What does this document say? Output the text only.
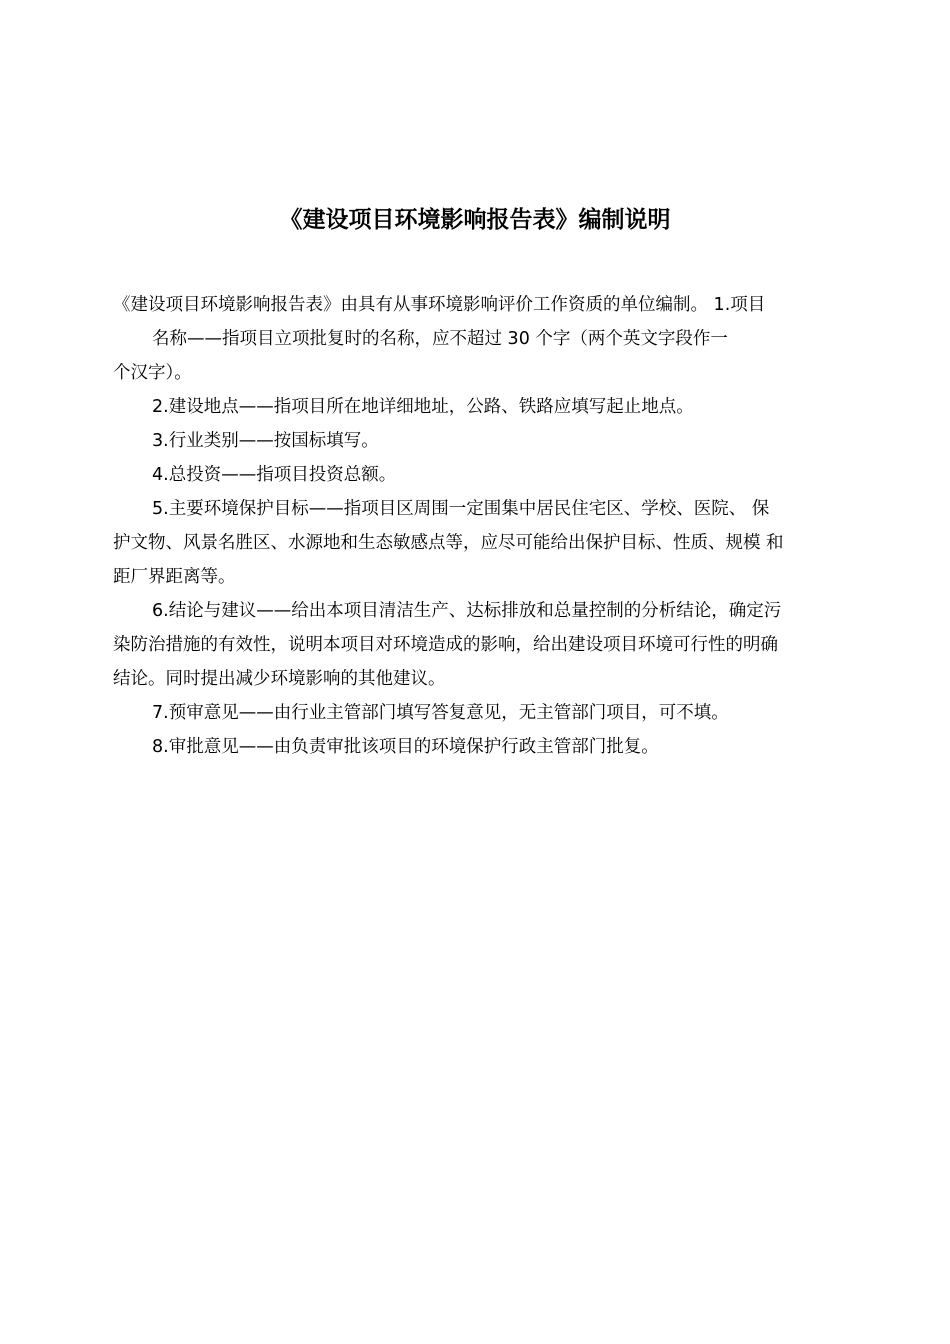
《建设项目环境影响报告表》编制说明
《建设项目环境影响报告表》由具有从事环境影响评价工作资质的单位编制。 1.项目
名称——指项目立项批复时的名称，应不超过 30 个字（两个英文字段作一
个汉字）。
2.建设地点——指项目所在地详细地址，公路、铁路应填写起止地点。
3.行业类别——按国标填写。
4.总投资——指项目投资总额。
5.主要环境保护目标——指项目区周围一定围集中居民住宅区、学校、医院、 保
护文物、风景名胜区、水源地和生态敏感点等，应尽可能给出保护目标、性质、规模 和
距厂界距离等。
6.结论与建议——给出本项目清洁生产、达标排放和总量控制的分析结论，确定污
染防治措施的有效性，说明本项目对环境造成的影响，给出建设项目环境可行性的明确
结论。同时提出减少环境影响的其他建议。
7.预审意见——由行业主管部门填写答复意见，无主管部门项目，可不填。
8.审批意见——由负责审批该项目的环境保护行政主管部门批复。
